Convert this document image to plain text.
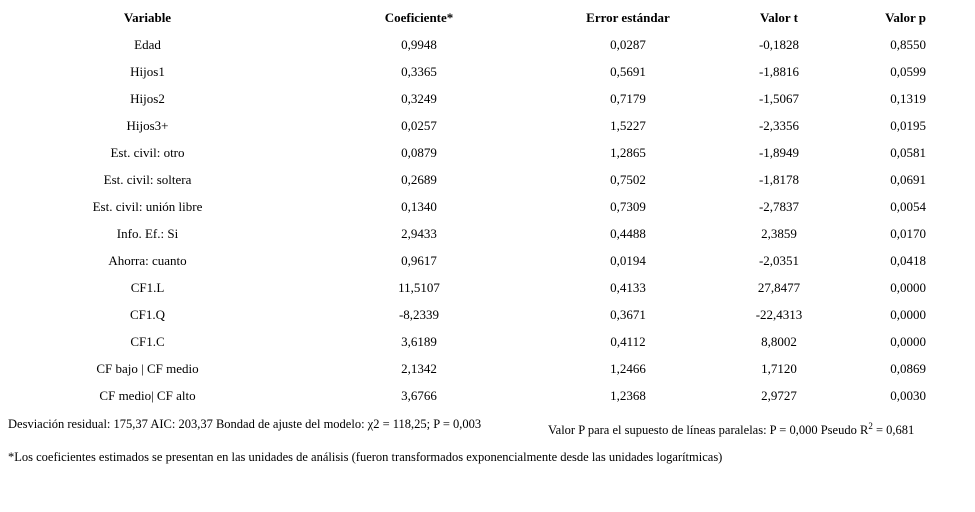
Variable	Coeficiente*	Error estándar	Valor t	Valor p
Edad	0,9948	0,0287	-0,1828	0,8550
Hijos1	0,3365	0,5691	-1,8816	0,0599
Hijos2	0,3249	0,7179	-1,5067	0,1319
Hijos3+	0,0257	1,5227	-2,3356	0,0195
Est. civil: otro	0,0879	1,2865	-1,8949	0,0581
Est. civil: soltera	0,2689	0,7502	-1,8178	0,0691
Est. civil: unión libre	0,1340	0,7309	-2,7837	0,0054
Info. Ef.: Si	2,9433	0,4488	2,3859	0,0170
Ahorra: cuanto	0,9617	0,0194	-2,0351	0,0418
CF1.L	11,5107	0,4133	27,8477	0,0000
CF1.Q	-8,2339	0,3671	-22,4313	0,0000
CF1.C	3,6189	0,4112	8,8002	0,0000
CF bajo | CF medio	2,1342	1,2466	1,7120	0,0869
CF medio| CF alto	3,6766	1,2368	2,9727	0,0030
Desviación residual: 175,37 AIC: 203,37 Bondad de ajuste del modelo: χ2 = 118,25; P = 0,003	Valor P para el supuesto de líneas paralelas: P = 0,000 Pseudo $R^2 = 0,681$
*Los coeficientes estimados se presentan en las unidades de análisis (fueron transformados exponencialmente desde las unidades logarítmicas)
